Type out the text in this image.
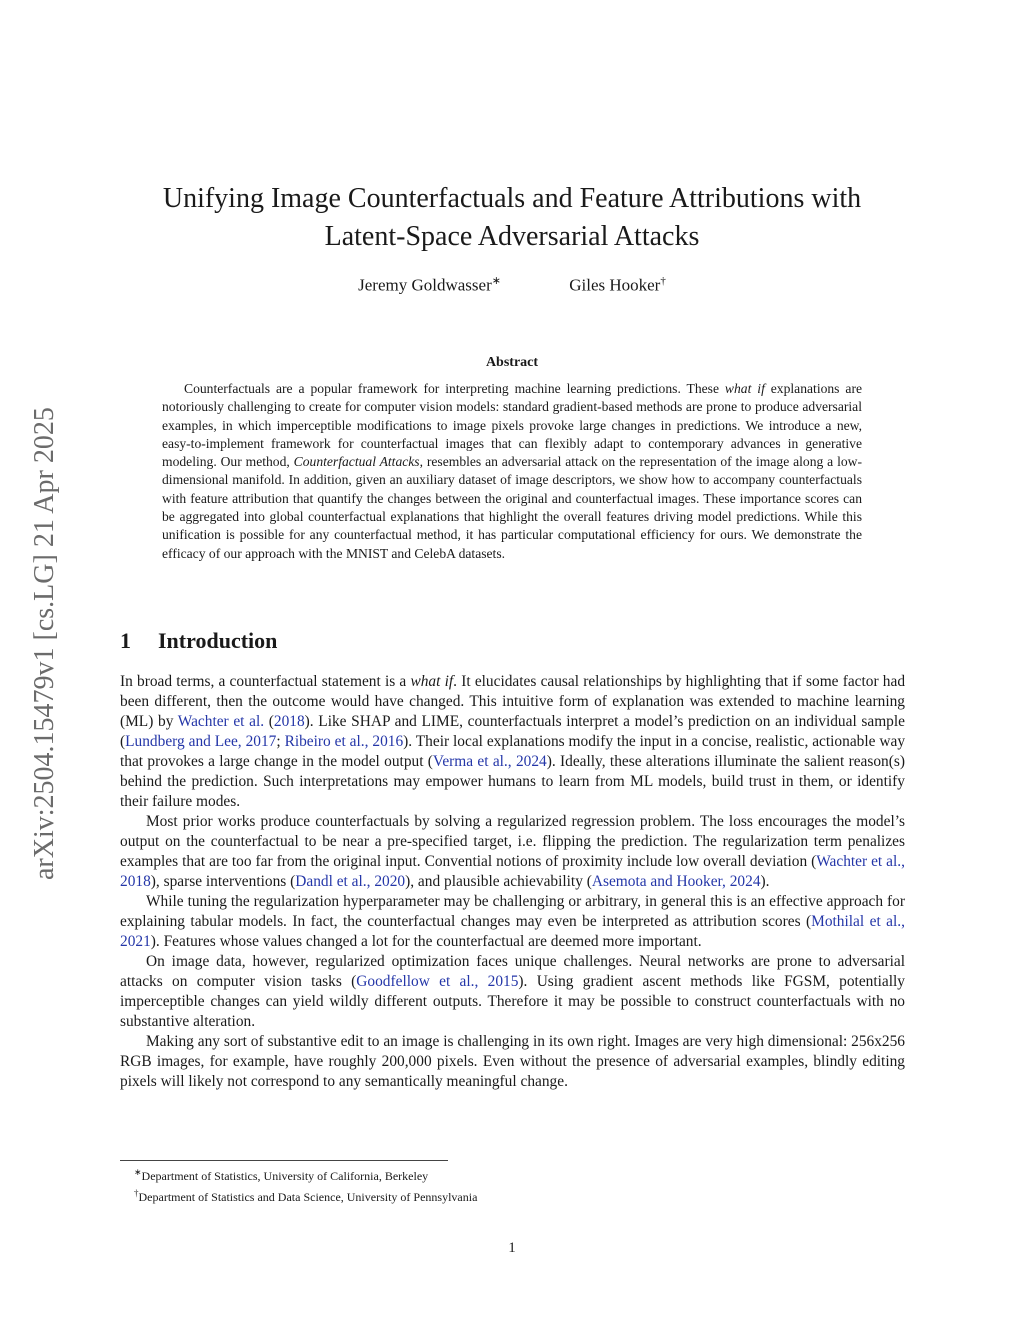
arXiv:2504.15479v1 [cs.LG] 21 Apr 2025
Unifying Image Counterfactuals and Feature Attributions with Latent-Space Adversarial Attacks
Jeremy Goldwasser∗	Giles Hooker†
Abstract

Counterfactuals are a popular framework for interpreting machine learning predictions. These what if explanations are notoriously challenging to create for computer vision models: standard gradient-based methods are prone to produce adversarial examples, in which imperceptible modifications to image pixels provoke large changes in predictions. We introduce a new, easy-to-implement framework for counterfactual images that can flexibly adapt to contemporary advances in generative modeling. Our method, Counterfactual Attacks, resembles an adversarial attack on the representation of the image along a low-dimensional manifold. In addition, given an auxiliary dataset of image descriptors, we show how to accompany counterfactuals with feature attribution that quantify the changes between the original and counterfactual images. These importance scores can be aggregated into global counterfactual explanations that highlight the overall features driving model predictions. While this unification is possible for any counterfactual method, it has particular computational efficiency for ours. We demonstrate the efficacy of our approach with the MNIST and CelebA datasets.

1 Introduction

In broad terms, a counterfactual statement is a what if. It elucidates causal relationships by highlighting that if some factor had been different, then the outcome would have changed. This intuitive form of explanation was extended to machine learning (ML) by Wachter et al. (2018). Like SHAP and LIME, counterfactuals interpret a model’s prediction on an individual sample (Lundberg and Lee, 2017; Ribeiro et al., 2016). Their local explanations modify the input in a concise, realistic, actionable way that provokes a large change in the model output (Verma et al., 2024). Ideally, these alterations illuminate the salient reason(s) behind the prediction. Such interpretations may empower humans to learn from ML models, build trust in them, or identify their failure modes.

Most prior works produce counterfactuals by solving a regularized regression problem. The loss encourages the model’s output on the counterfactual to be near a pre-specified target, i.e. flipping the prediction. The regularization term penalizes examples that are too far from the original input. Convential notions of proximity include low overall deviation (Wachter et al., 2018), sparse interventions (Dandl et al., 2020), and plausible achievability (Asemota and Hooker, 2024).

While tuning the regularization hyperparameter may be challenging or arbitrary, in general this is an effective approach for explaining tabular models. In fact, the counterfactual changes may even be interpreted as attribution scores (Mothilal et al., 2021). Features whose values changed a lot for the counterfactual are deemed more important.

On image data, however, regularized optimization faces unique challenges. Neural networks are prone to adversarial attacks on computer vision tasks (Goodfellow et al., 2015). Using gradient ascent methods like FGSM, potentially imperceptible changes can yield wildly different outputs. Therefore it may be possible to construct counterfactuals with no substantive alteration.

Making any sort of substantive edit to an image is challenging in its own right. Images are very high dimensional: 256x256 RGB images, for example, have roughly 200,000 pixels. Even without the presence of adversarial examples, blindly editing pixels will likely not correspond to any semantically meaningful change.

∗Department of Statistics, University of California, Berkeley
†Department of Statistics and Data Science, University of Pennsylvania
1
